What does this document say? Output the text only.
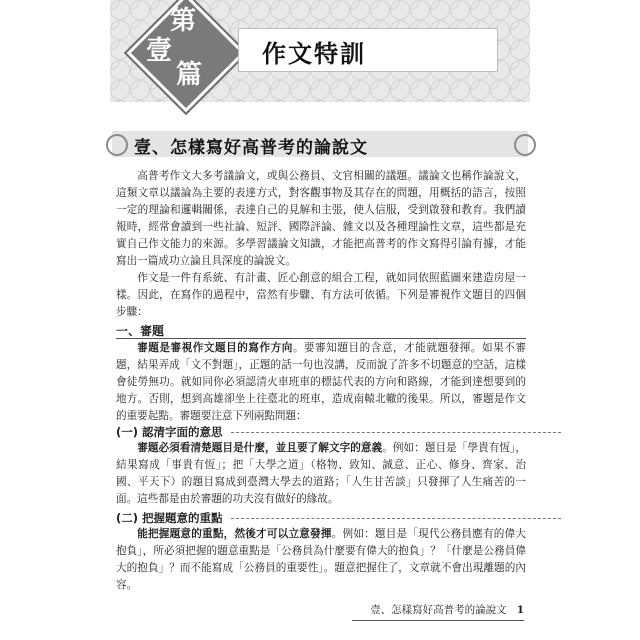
第
壹
篇
作文特訓
壹、怎樣寫好高普考的論說文

高普考作文大多考議論文，或與公務員、文官相關的議題。議論文也稱作論說文，這類文章以議論為主要的表達方式，對客觀事物及其存在的問題，用概括的語言，按照一定的理論和邏輯關係，表達自己的見解和主張，使人信服，受到啟發和教育。我們讀報時，經常會讀到一些社論、短評、國際評論、雜文以及各種理論性文章，這些都是充實自己作文能力的來源。多學習議論文知識，才能把高普考的作文寫得引論有據，才能寫出一篇成功立論且具深度的論說文。

作文是一件有系統、有計畫、匠心創意的組合工程，就如同依照藍圖來建造房屋一樣。因此，在寫作的過程中，當然有步驟、有方法可依循。下列是審視作文題目的四個步驟：

一、審題

審題是審視作文題目的寫作方向。要審知題目的含意，才能就題發揮。如果不審題，結果弄成「文不對題」，正題的話一句也沒講，反而說了許多不切題意的空話，這樣會徒勞無功。就如同你必須認清火車班車的標誌代表的方向和路線，才能到達想要到的地方。否則，想到高雄卻坐上往臺北的班車，造成南轅北轍的後果。所以，審題是作文的重要起點。審題要注意下列兩點問題：

(一) 認清字面的意思

審題必須看清楚題目是什麼，並且要了解文字的意義。例如：題目是「學貴有恆」，結果寫成「事貴有恆」；把「大學之道」（格物、致知、誠意、正心、修身、齊家、治國、平天下）的題目寫成到臺灣大學去的道路；「人生甘苦談」只發揮了人生痛苦的一面。這些都是由於審題的功夫沒有做好的緣故。

(二) 把握題意的重點

能把握題意的重點，然後才可以立意發揮。例如：題目是「現代公務員應有的偉大抱負」，所必須把握的題意重點是「公務員為什麼要有偉大的抱負」？「什麼是公務員偉大的抱負」？而不能寫成「公務員的重要性」。題意把握住了，文章就不會出現離題的內容。

壹、怎樣寫好高普考的論說文 1
